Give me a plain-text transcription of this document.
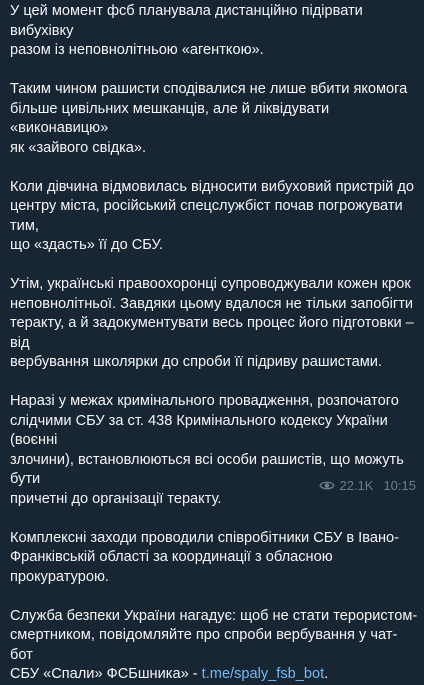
У цей момент фсб планувала дистанційно підірвати вибухівку
разом із неповнолітньою «агенткою».

Таким чином рашисти сподівалися не лише вбити якомога
більше цивільних мешканців, але й ліквідувати «виконавицю»
як «зайвого свідка».

Коли дівчина відмовилась відносити вибуховий пристрій до
центру міста, російський спецслужбіст почав погрожувати тим,
що «здасть» її до СБУ.

Утім, українські правоохоронці супроводжували кожен крок
неповнолітньої. Завдяки цьому вдалося не тільки запобігти
теракту, а й задокументувати весь процес його підготовки – від
вербування школярки до спроби її підриву рашистами.

Наразі у межах кримінального провадження, розпочатого
слідчими СБУ за ст. 438 Кримінального кодексу України (воєнні
злочини), встановлюються всі особи рашистів, що можуть бути
причетні до організації теракту.

Комплексні заходи проводили співробітники СБУ в Івано-
Франківській області за координації з обласною прокуратурою.

Служба безпеки України нагадує: щоб не стати терористом-
смертником, повідомляйте про спроби вербування у чат-бот
СБУ «Спали» ФСБшника» - t.me/spaly_fsb_bot.

22.1K 10:15
